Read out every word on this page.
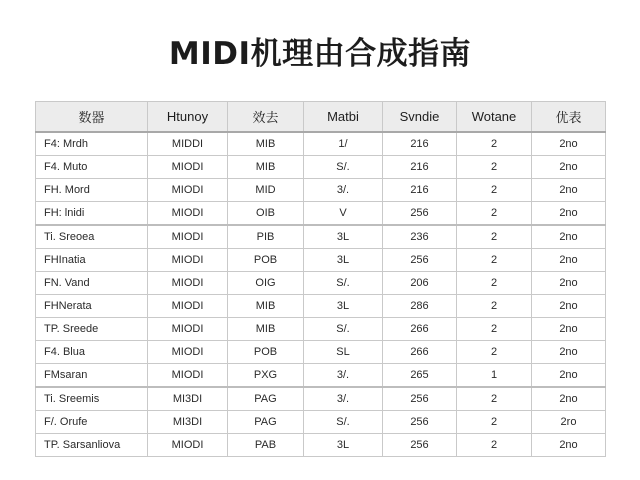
MIDI机理由合成指南
数器	Htunoy	效去	Matbi	Svndie	Wotane	优表
F4: Mrdh	MIDDI	MIB	1/	216	2	2no
F4. Muto	MIODI	MIB	S/.	216	2	2no
FH. Mord	MIODI	MID	3/.	216	2	2no
FH: lnidi	MIODI	OIB	V	256	2	2no
Ti. Sreoea	MIODI	PIB	3L	236	2	2no
FHInatia	MIODI	POB	3L	256	2	2no
FN. Vand	MIODI	OIG	S/.	206	2	2no
FHNerata	MIODI	MIB	3L	286	2	2no
TP. Sreede	MIODI	MIB	S/.	266	2	2no
F4. Blua	MIODI	POB	SL	266	2	2no
FMsaran	MIODI	PXG	3/.	265	1	2no
Ti. Sreemis	MI3DI	PAG	3/.	256	2	2no
F/. Orufe	MI3DI	PAG	S/.	256	2	2ro
TP. Sarsanliova	MIODI	PAB	3L	256	2	2no
